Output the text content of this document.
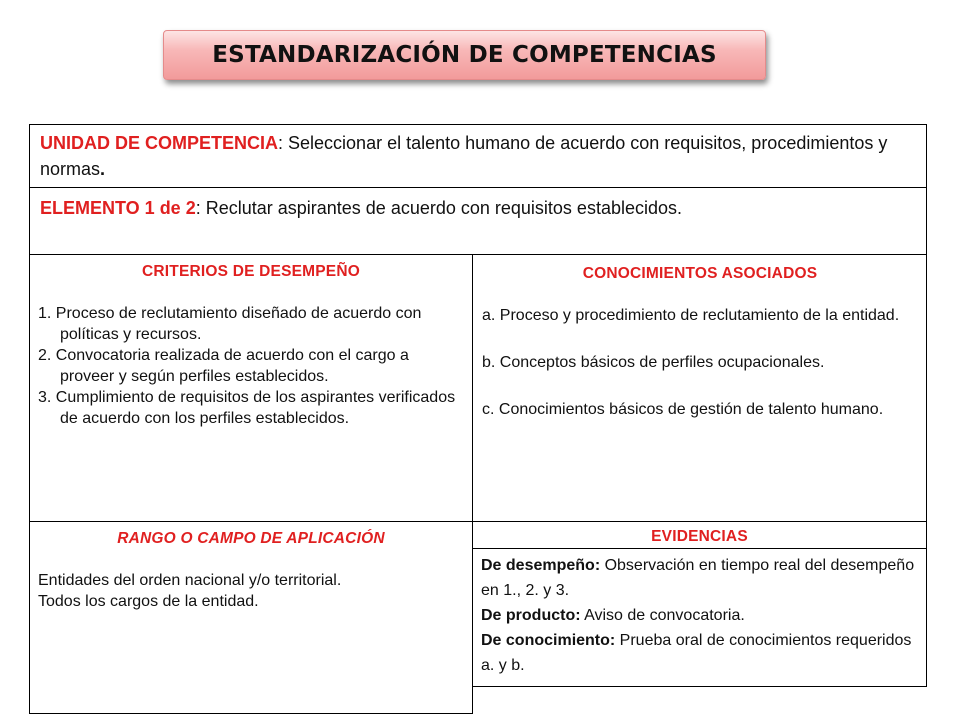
ESTANDARIZACIÓN DE COMPETENCIAS
UNIDAD DE COMPETENCIA: Seleccionar el talento humano de acuerdo con requisitos, procedimientos y normas.
ELEMENTO 1 de 2: Reclutar aspirantes de acuerdo con requisitos establecidos.
CRITERIOS DE DESEMPEÑO
1. Proceso de reclutamiento diseñado de acuerdo con políticas y recursos.
2. Convocatoria realizada de acuerdo con el cargo a proveer y según perfiles establecidos.
3. Cumplimiento de requisitos de los aspirantes verificados de acuerdo con los perfiles establecidos.
CONOCIMIENTOS ASOCIADOS
a. Proceso y procedimiento de reclutamiento de la entidad.
b. Conceptos básicos de perfiles ocupacionales.
c. Conocimientos básicos de gestión de talento humano.
RANGO O CAMPO DE APLICACIÓN
Entidades del orden nacional y/o territorial.
Todos los cargos de la entidad.
EVIDENCIAS
De desempeño: Observación en tiempo real del desempeño en 1., 2. y 3.
De producto: Aviso de convocatoria.
De conocimiento: Prueba oral de conocimientos requeridos a. y b.
